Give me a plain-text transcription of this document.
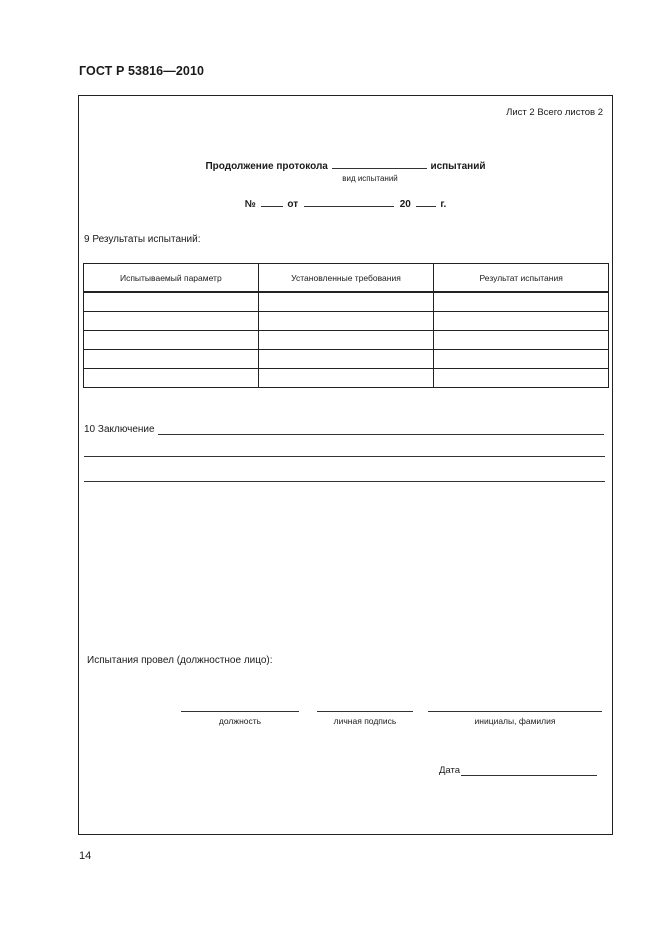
ГОСТ Р 53816—2010
Лист 2 Всего листов 2
Продолжение протокола	испытаний
вид испытаний
№	от	20	г.
9 Результаты испытаний:
Испытываемый параметр	Установленные требования	Результат испытания

10 Заключение
Испытания провел (должностное лицо):
должность	личная подпись	инициалы, фамилия
Дата
14
